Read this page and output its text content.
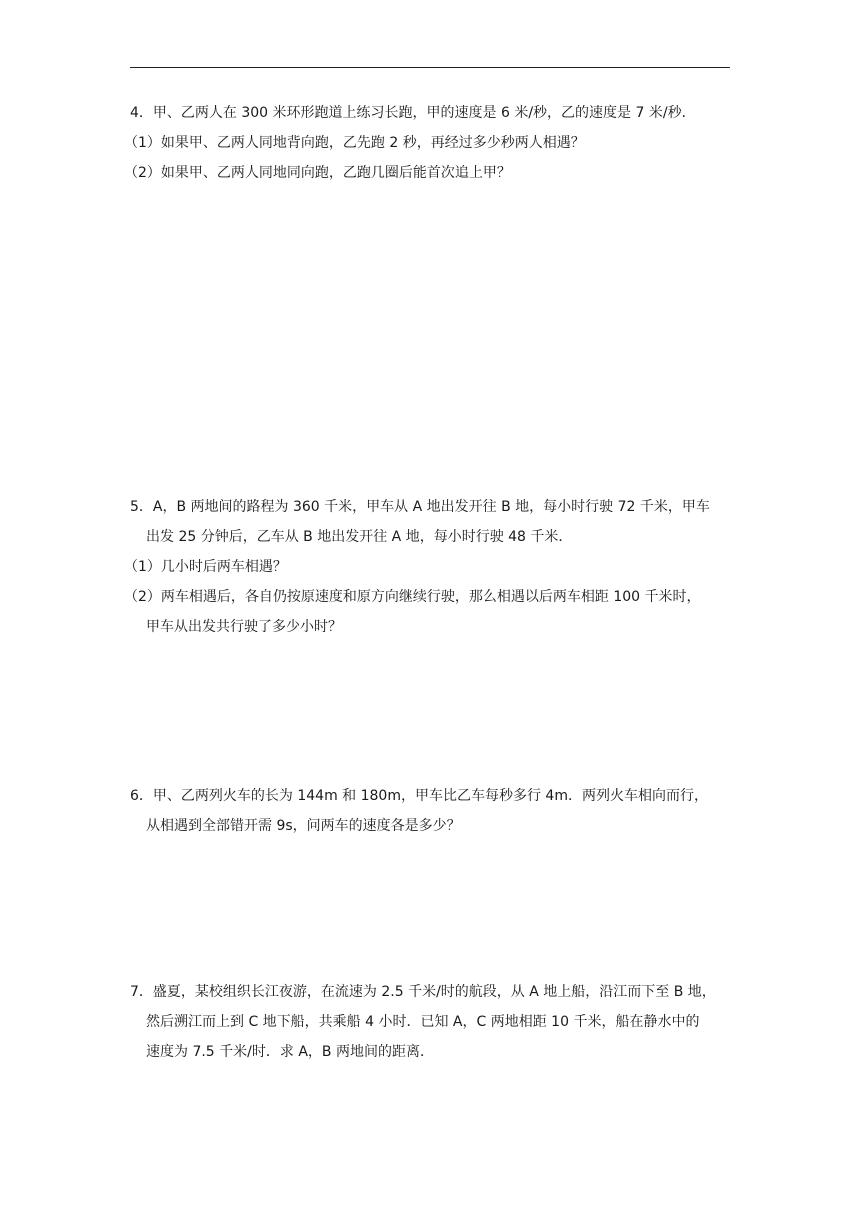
4．甲、乙两人在 300 米环形跑道上练习长跑，甲的速度是 6 米/秒，乙的速度是 7 米/秒．
（1）如果甲、乙两人同地背向跑，乙先跑 2 秒，再经过多少秒两人相遇？
（2）如果甲、乙两人同地同向跑，乙跑几圈后能首次追上甲？
5．A，B 两地间的路程为 360 千米，甲车从 A 地出发开往 B 地，每小时行驶 72 千米，甲车
出发 25 分钟后，乙车从 B 地出发开往 A 地，每小时行驶 48 千米．
（1）几小时后两车相遇？
（2）两车相遇后，各自仍按原速度和原方向继续行驶，那么相遇以后两车相距 100 千米时，
甲车从出发共行驶了多少小时？
6．甲、乙两列火车的长为 144m 和 180m，甲车比乙车每秒多行 4m．两列火车相向而行，
从相遇到全部错开需 9s，问两车的速度各是多少？
7．盛夏，某校组织长江夜游，在流速为 2.5 千米/时的航段，从 A 地上船，沿江而下至 B 地，
然后溯江而上到 C 地下船，共乘船 4 小时．已知 A，C 两地相距 10 千米，船在静水中的
速度为 7.5 千米/时．求 A，B 两地间的距离．
